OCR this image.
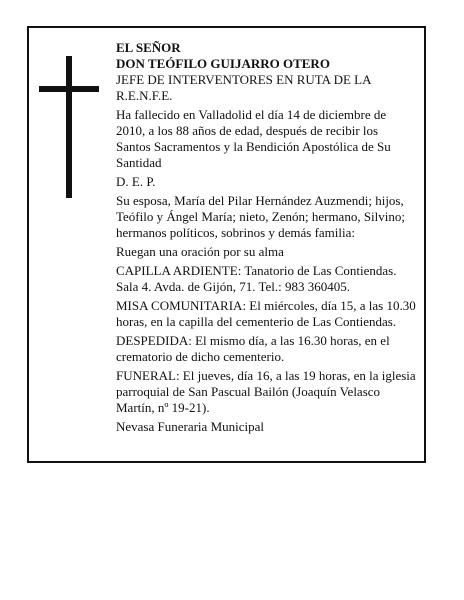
EL SEÑOR

DON TEÓFILO GUIJARRO OTERO

JEFE DE INTERVENTORES EN RUTA DE LA R.E.N.F.E.

Ha fallecido en Valladolid el día 14 de diciembre de 2010, a los 88 años de edad, después de recibir los Santos Sacramentos y la Bendición Apostólica de Su Santidad

D. E. P.

Su esposa, María del Pilar Hernández Auzmendi; hijos, Teófilo y Ángel María; nieto, Zenón; hermano, Silvino; hermanos políticos, sobrinos y demás familia:

Ruegan una oración por su alma

CAPILLA ARDIENTE: Tanatorio de Las Contiendas. Sala 4. Avda. de Gijón, 71. Tel.: 983 360405.

MISA COMUNITARIA: El miércoles, día 15, a las 10.30 horas, en la capilla del cementerio de Las Contiendas.

DESPEDIDA: El mismo día, a las 16.30 horas, en el crematorio de dicho cementerio.

FUNERAL: El jueves, día 16, a las 19 horas, en la iglesia parroquial de San Pascual Bailón (Joaquín Velasco Martín, nº 19-21).

Nevasa Funeraria Municipal
